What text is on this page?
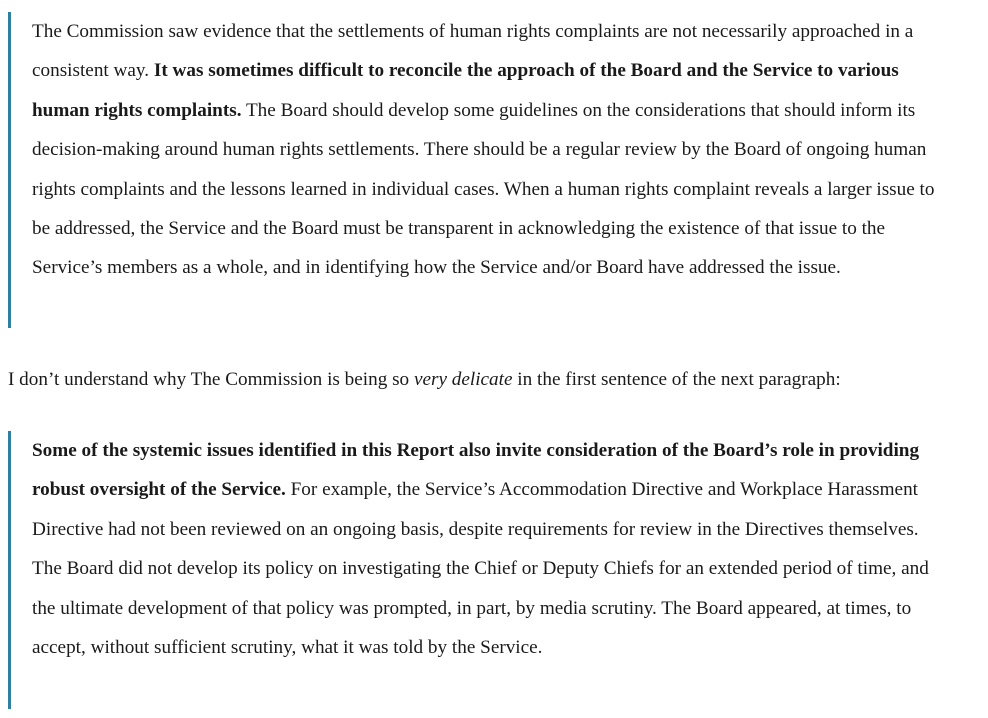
The Commission saw evidence that the settlements of human rights complaints are not necessarily approached in a consistent way. It was sometimes difficult to reconcile the approach of the Board and the Service to various human rights complaints. The Board should develop some guidelines on the considerations that should inform its decision-making around human rights settlements. There should be a regular review by the Board of ongoing human rights complaints and the lessons learned in individual cases. When a human rights complaint reveals a larger issue to be addressed, the Service and the Board must be transparent in acknowledging the existence of that issue to the Service’s members as a whole, and in identifying how the Service and/or Board have addressed the issue.

I don’t understand why The Commission is being so very delicate in the first sentence of the next paragraph:

Some of the systemic issues identified in this Report also invite consideration of the Board’s role in providing robust oversight of the Service. For example, the Service’s Accommodation Directive and Workplace Harassment Directive had not been reviewed on an ongoing basis, despite requirements for review in the Directives themselves. The Board did not develop its policy on investigating the Chief or Deputy Chiefs for an extended period of time, and the ultimate development of that policy was prompted, in part, by media scrutiny. The Board appeared, at times, to accept, without sufficient scrutiny, what it was told by the Service.
